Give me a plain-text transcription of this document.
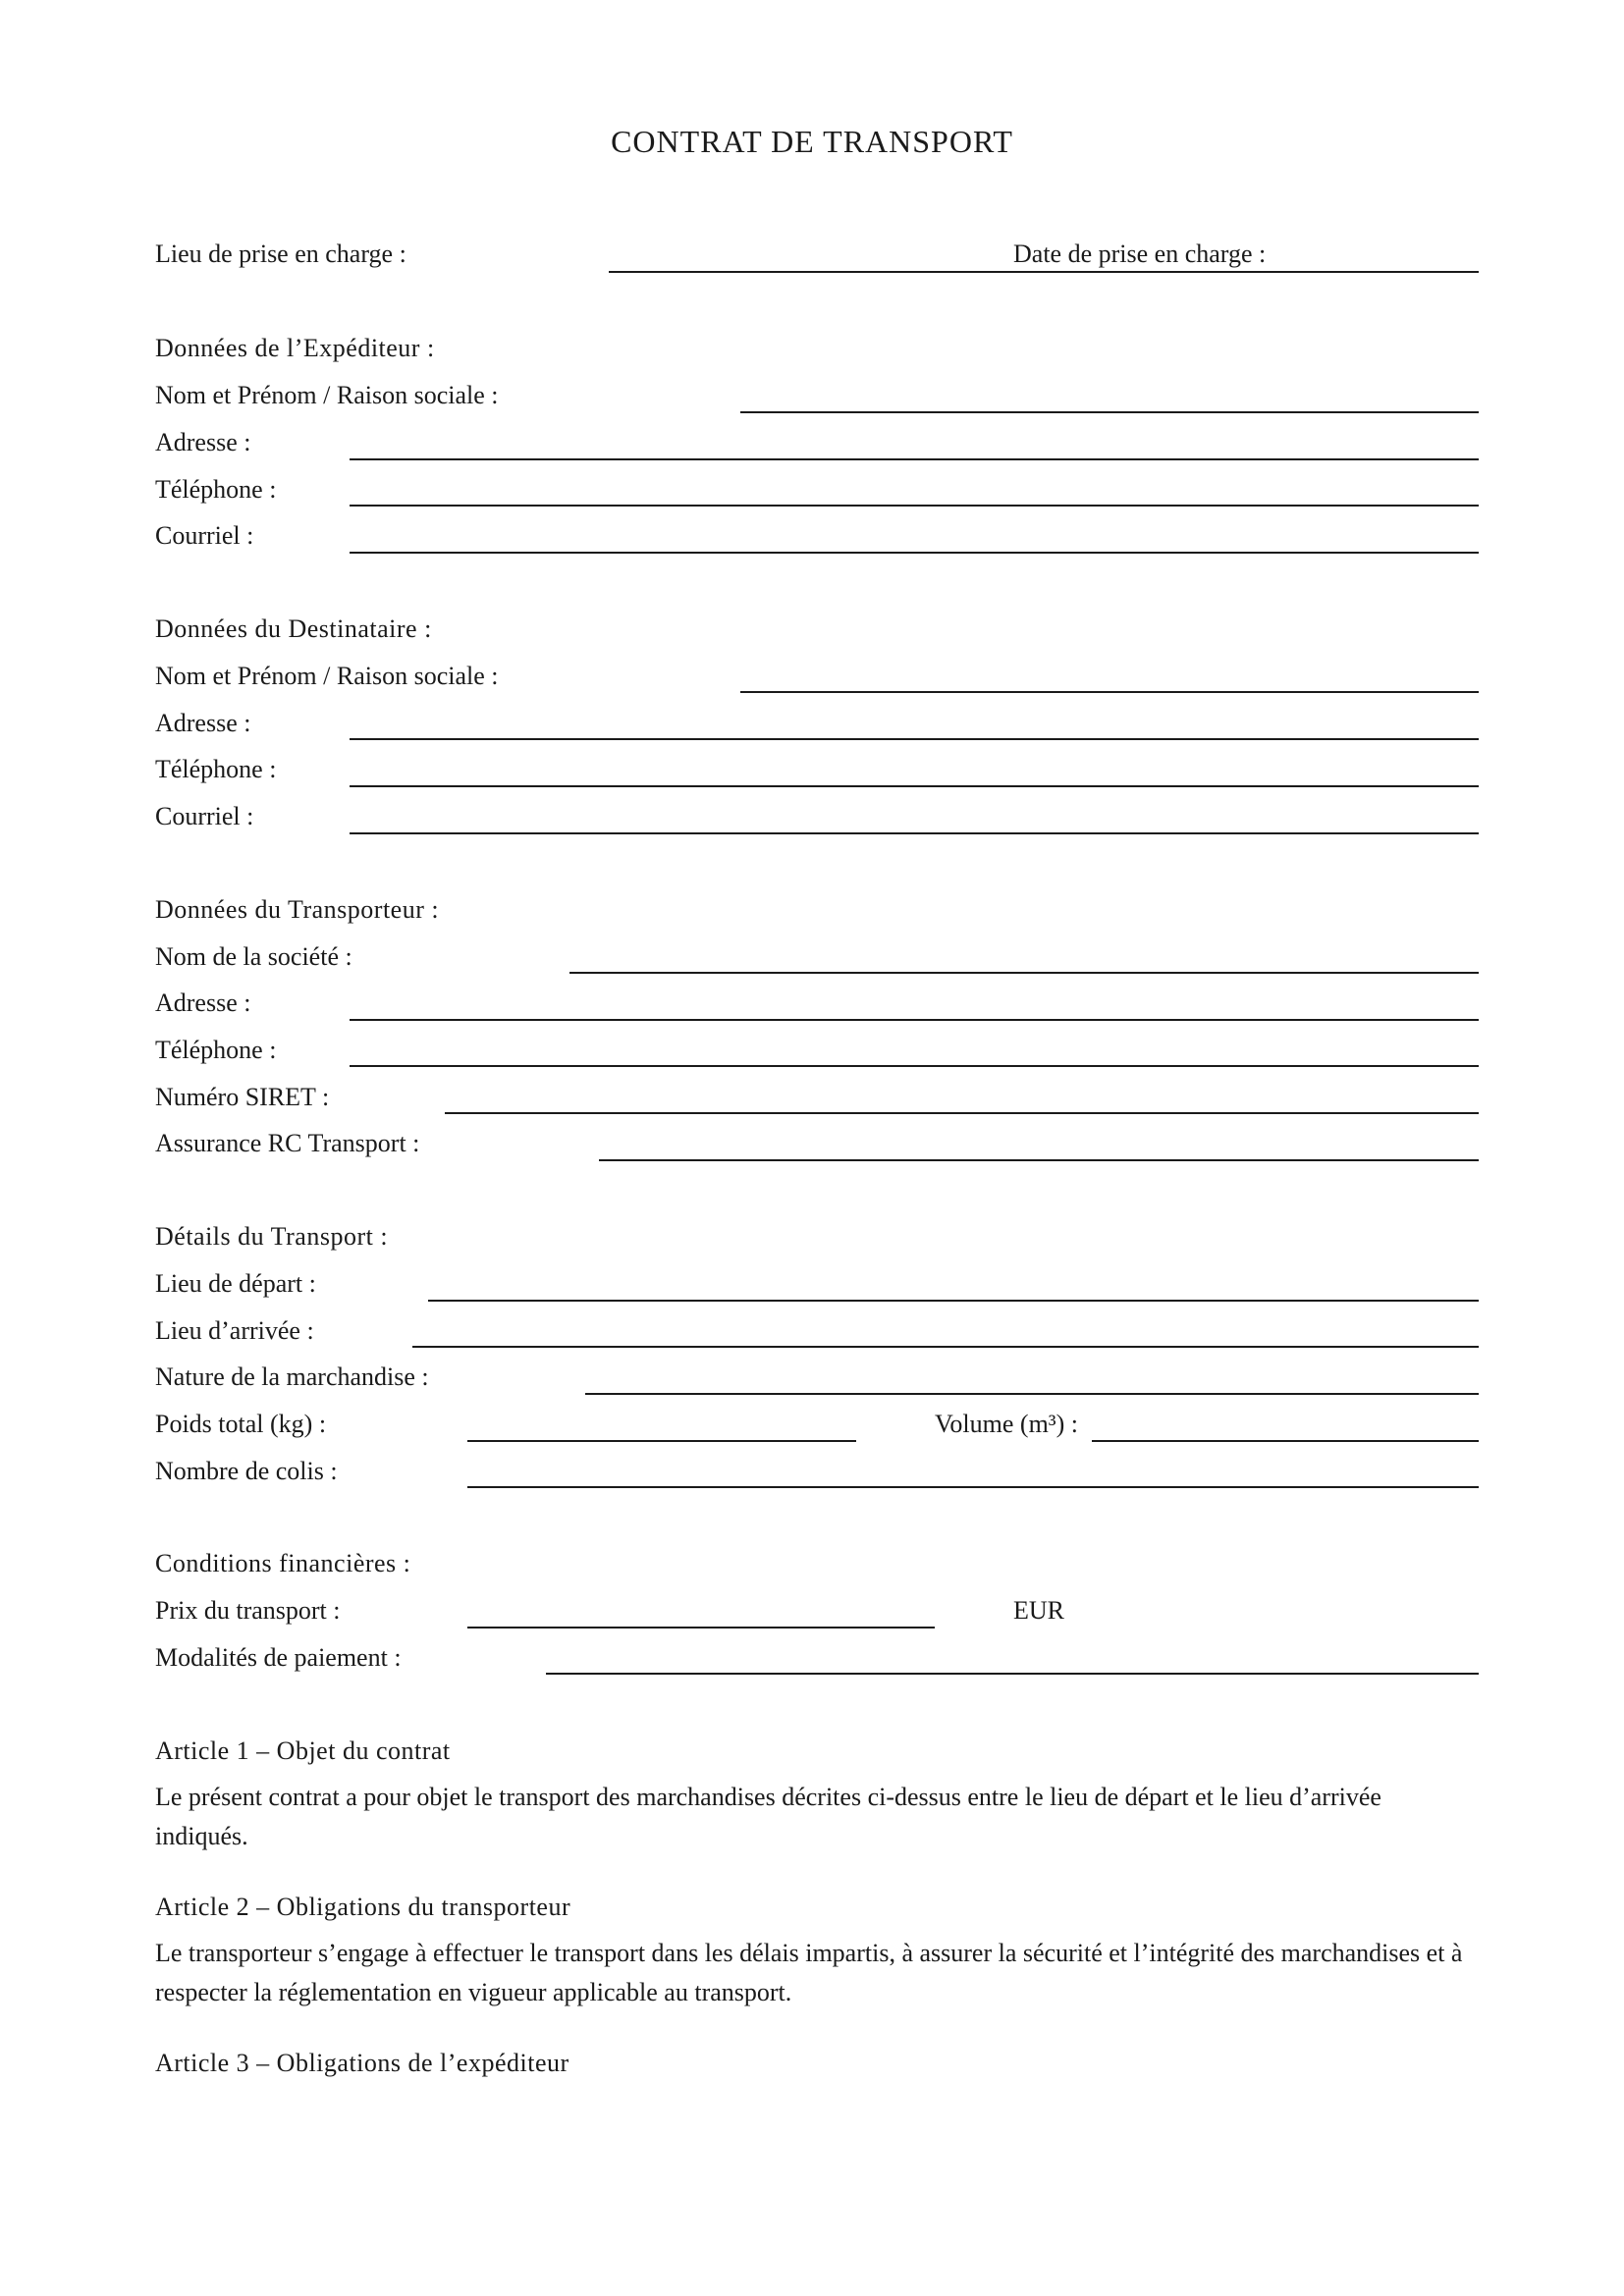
CONTRAT DE TRANSPORT
Lieu de prise en charge :	Date de prise en charge :
Données de l’Expéditeur :
Nom et Prénom / Raison sociale :
Adresse :
Téléphone :
Courriel :
Données du Destinataire :
Nom et Prénom / Raison sociale :
Adresse :
Téléphone :
Courriel :
Données du Transporteur :
Nom de la société :
Adresse :
Téléphone :
Numéro SIRET :
Assurance RC Transport :
Détails du Transport :
Lieu de départ :
Lieu d’arrivée :
Nature de la marchandise :
Poids total (kg) :	Volume (m³) :
Nombre de colis :
Conditions financières :
Prix du transport :	EUR
Modalités de paiement :
Article 1 – Objet du contrat
Le présent contrat a pour objet le transport des marchandises décrites ci-dessus entre le lieu de départ et le lieu d’arrivée indiqués.
Article 2 – Obligations du transporteur
Le transporteur s’engage à effectuer le transport dans les délais impartis, à assurer la sécurité et l’intégrité des marchandises et à respecter la réglementation en vigueur applicable au transport.
Article 3 – Obligations de l’expéditeur
